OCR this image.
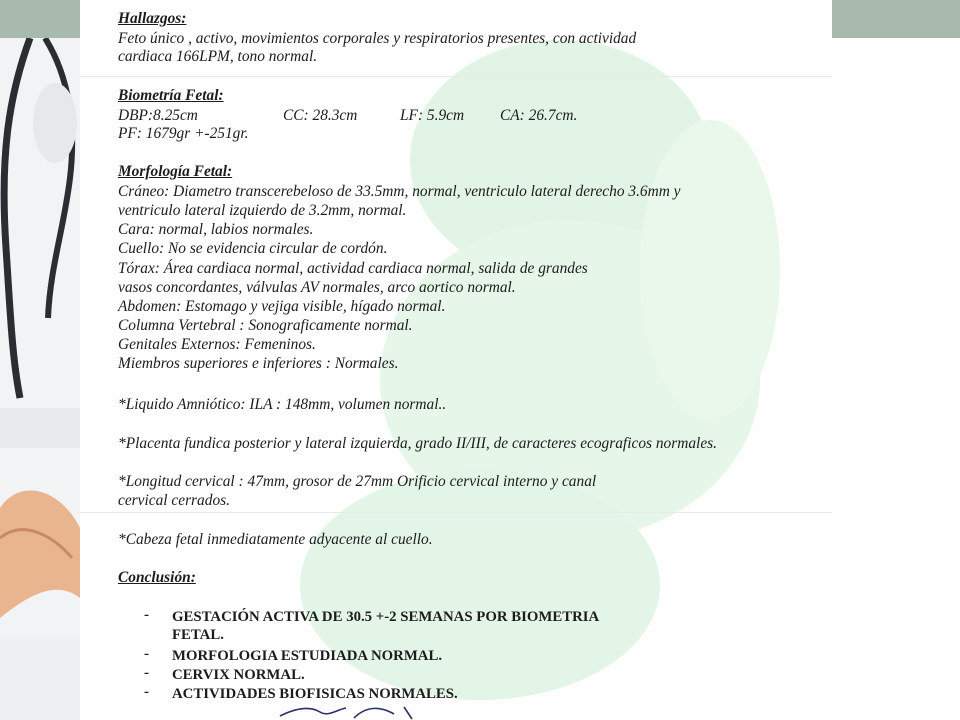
Hallazgos:
Feto único , activo, movimientos corporales y respiratorios presentes, con actividad
cardiaca 166LPM, tono normal.
Biometría Fetal:
DBP:8.25cm	CC: 28.3cm	LF: 5.9cm CA: 26.7cm.
PF: 1679gr +-251gr.
Morfología Fetal:
Cráneo: Diametro transcerebeloso de 33.5mm, normal, ventriculo lateral derecho 3.6mm y
ventriculo lateral izquierdo de 3.2mm, normal.
Cara: normal, labios normales.
Cuello: No se evidencia circular de cordón.
Tórax: Área cardiaca normal, actividad cardiaca normal, salida de grandes
vasos concordantes, válvulas AV normales, arco aortico normal.
Abdomen: Estomago y vejiga visible, hígado normal.
Columna Vertebral : Sonograficamente normal.
Genitales Externos: Femeninos.
Miembros superiores e inferiores : Normales.
*Liquido Amniótico: ILA : 148mm, volumen normal..
*Placenta fundica posterior y lateral izquierda, grado II/III, de caracteres ecograficos normales.
*Longitud cervical : 47mm, grosor de 27mm Orificio cervical interno y canal
cervical cerrados.
*Cabeza fetal inmediatamente adyacente al cuello.
Conclusión:
- GESTACIÓN ACTIVA DE 30.5 +-2 SEMANAS POR BIOMETRIA
FETAL.
- MORFOLOGIA ESTUDIADA NORMAL.
- CERVIX NORMAL.
- ACTIVIDADES BIOFISICAS NORMALES.
